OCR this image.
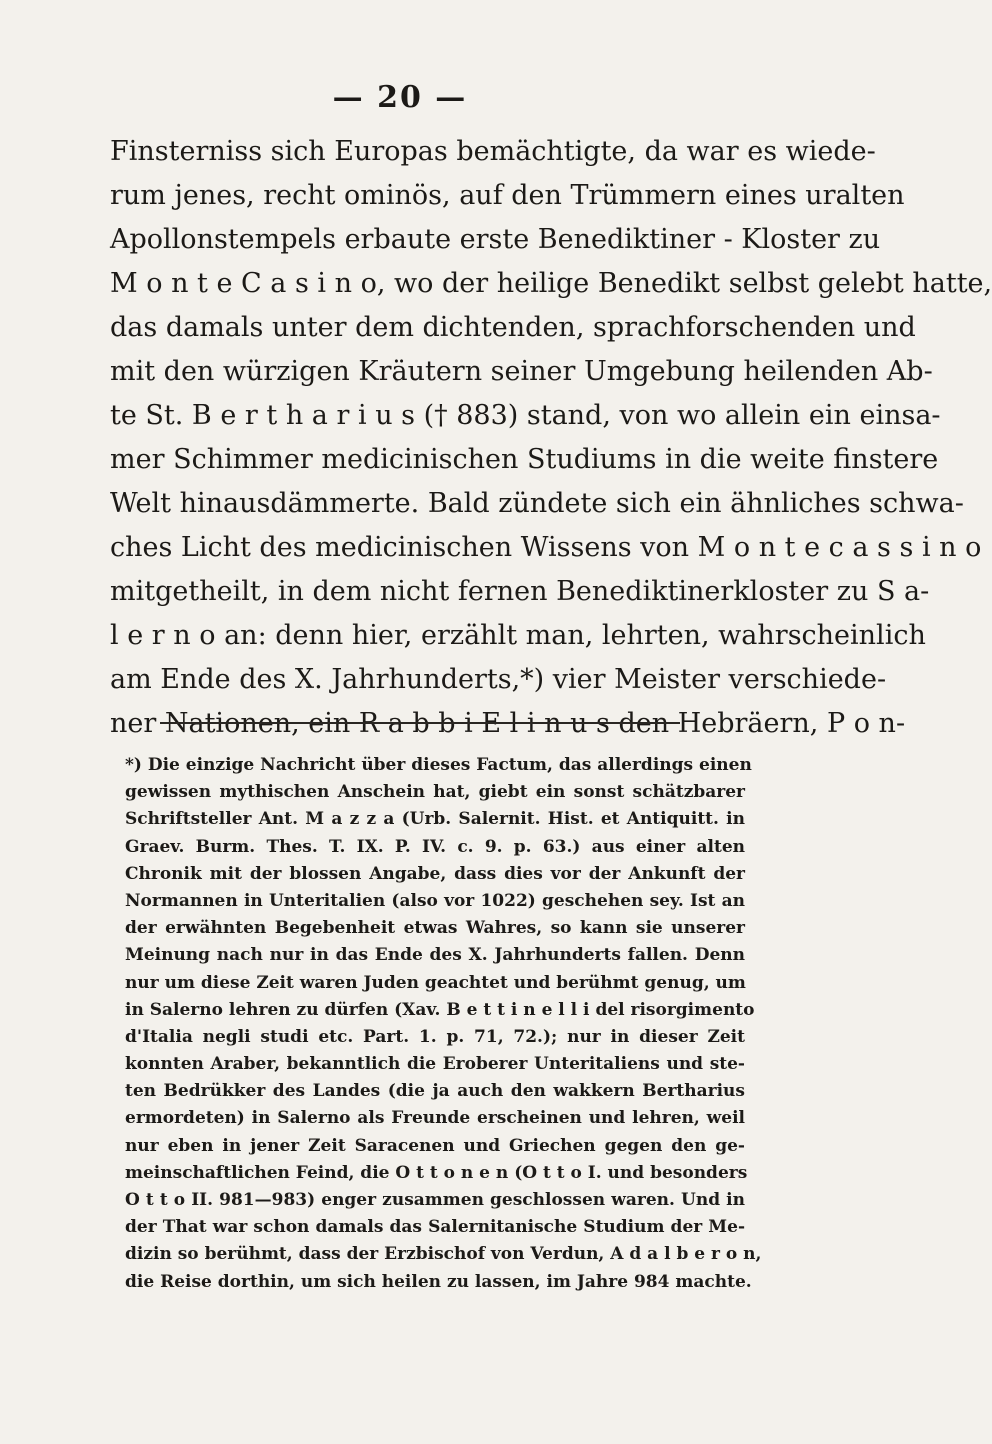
— 20 —
Finsterniss sich Europas bemächtigte, da war es wiede-
rum jenes, recht ominös, auf den Trümmern eines uralten
Apollonstempels erbaute erste Benediktiner - Kloster zu
M o n t e C a s i n o, wo der heilige Benedikt selbst gelebt hatte,
das damals unter dem dichtenden, sprachforschenden und
mit den würzigen Kräutern seiner Umgebung heilenden Ab-
te St. B e r t h a r i u s († 883) stand, von wo allein ein einsa-
mer Schimmer medicinischen Studiums in die weite finstere
Welt hinausdämmerte. Bald zündete sich ein ähnliches schwa-
ches Licht des medicinischen Wissens von M o n t e c a s s i n o
mitgetheilt, in dem nicht fernen Benediktinerkloster zu S a-
l e r n o an: denn hier, erzählt man, lehrten, wahrscheinlich
am Ende des X. Jahrhunderts,*) vier Meister verschiede-
ner Nationen, ein R a b b i E l i n u s den Hebräern, P o n-
*) Die einzige Nachricht über dieses Factum, das allerdings einen
gewissen mythischen Anschein hat, giebt ein sonst schätzbarer
Schriftsteller Ant. M a z z a (Urb. Salernit. Hist. et Antiquitt. in
Graev. Burm. Thes. T. IX. P. IV. c. 9. p. 63.) aus einer alten
Chronik mit der blossen Angabe, dass dies vor der Ankunft der
Normannen in Unteritalien (also vor 1022) geschehen sey. Ist an
der erwähnten Begebenheit etwas Wahres, so kann sie unserer
Meinung nach nur in das Ende des X. Jahrhunderts fallen. Denn
nur um diese Zeit waren Juden geachtet und berühmt genug, um
in Salerno lehren zu dürfen (Xav. B e t t i n e l l i del risorgimento
d'Italia negli studi etc. Part. 1. p. 71, 72.); nur in dieser Zeit
konnten Araber, bekanntlich die Eroberer Unteritaliens und ste-
ten Bedrükker des Landes (die ja auch den wakkern Bertharius
ermordeten) in Salerno als Freunde erscheinen und lehren, weil
nur eben in jener Zeit Saracenen und Griechen gegen den ge-
meinschaftlichen Feind, die O t t o n e n (O t t o I. und besonders
O t t o II. 981—983) enger zusammen geschlossen waren. Und in
der That war schon damals das Salernitanische Studium der Me-
dizin so berühmt, dass der Erzbischof von Verdun, A d a l b e r o n,
die Reise dorthin, um sich heilen zu lassen, im Jahre 984 machte.
